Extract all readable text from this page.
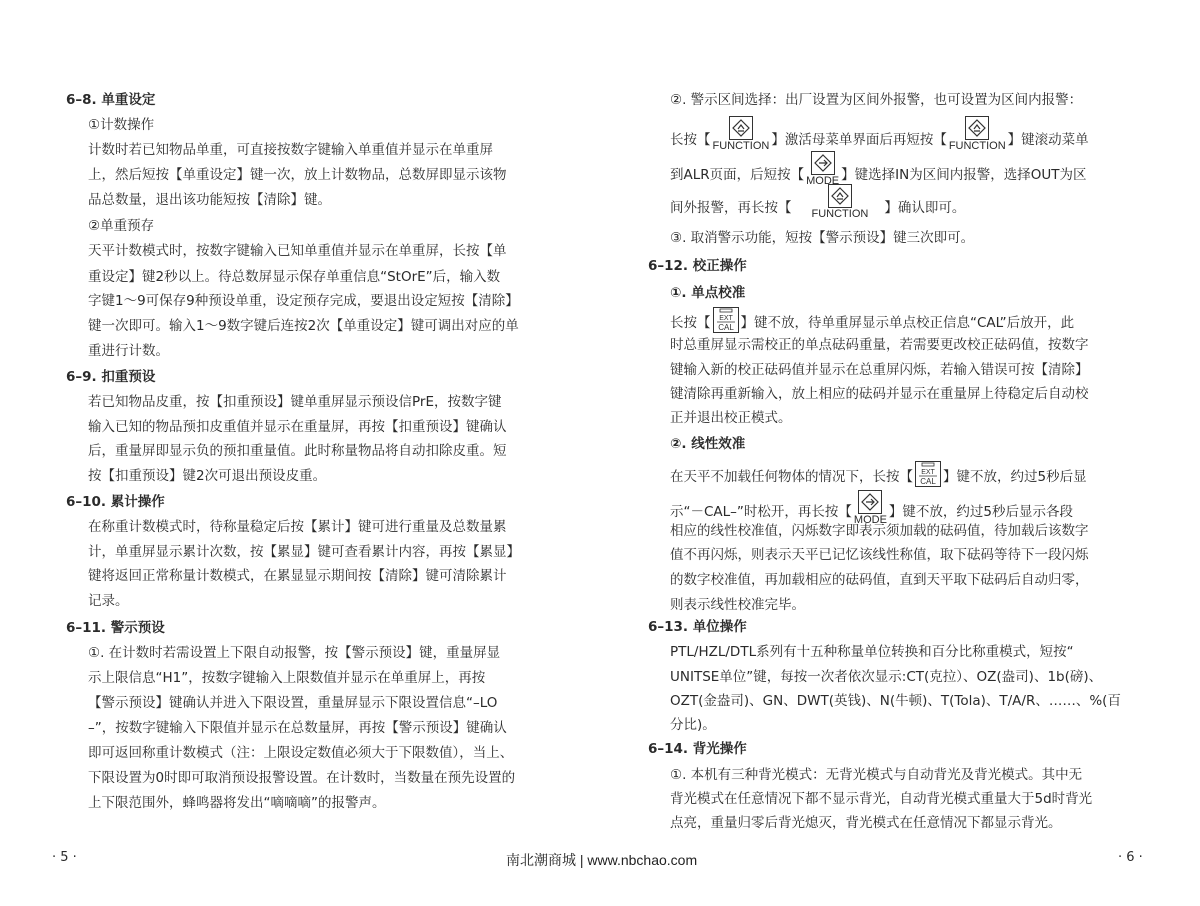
6–8. 单重设定
①计数操作
计数时若已知物品单重，可直接按数字键输入单重值并显示在单重屏
上，然后短按【单重设定】键一次，放上计数物品，总数屏即显示该物
品总数量，退出该功能短按【清除】键。
②单重预存
天平计数模式时，按数字键输入已知单重值并显示在单重屏，长按【单
重设定】键2秒以上。待总数屏显示保存单重信息“StOrE”后，输入数
字键1～9可保存9种预设单重，设定预存完成，要退出设定短按【清除】
键一次即可。输入1～9数字键后连按2次【单重设定】键可调出对应的单
重进行计数。
6–9. 扣重预设
若已知物品皮重，按【扣重预设】键单重屏显示预设信PrE，按数字键
输入已知的物品预扣皮重值并显示在重量屏，再按【扣重预设】键确认
后，重量屏即显示负的预扣重量值。此时称量物品将自动扣除皮重。短
按【扣重预设】键2次可退出预设皮重。
6–10. 累计操作
在称重计数模式时，待称量稳定后按【累计】键可进行重量及总数量累
计，单重屏显示累计次数，按【累显】键可查看累计内容，再按【累显】
键将返回正常称量计数模式，在累显显示期间按【清除】键可清除累计
记录。
6–11. 警示预设
①. 在计数时若需设置上下限自动报警，按【警示预设】键，重量屏显
示上限信息“H1”，按数字键输入上限数值并显示在单重屏上，再按
【警示预设】键确认并进入下限设置，重量屏显示下限设置信息“–LO
–”，按数字键输入下限值并显示在总数量屏，再按【警示预设】键确认
即可返回称重计数模式（注：上限设定数值必须大于下限数值），当上、
下限设置为0时即可取消预设报警设置。在计数时，当数量在预先设置的
上下限范围外，蜂鸣器将发出“嘀嘀嘀”的报警声。
②. 警示区间选择：出厂设置为区间外报警，也可设置为区间内报警：
长按【 FUNCTION 】激活母菜单界面后再短按【 FUNCTION 】键滚动菜单
到ALR页面，后短按【 MODE 】键选择IN为区间内报警，选择OUT为区
间外报警，再长按【 FUNCTION 】确认即可。
③. 取消警示功能，短按【警示预设】键三次即可。
6–12. 校正操作
①. 单点校准
长按【 EXT
CAL 】键不放，待单重屏显示单点校正信息“CAL”后放开，此
时总重屏显示需校正的单点砝码重量，若需要更改校正砝码值，按数字
键输入新的校正砝码值并显示在总重屏闪烁，若输入错误可按【清除】
键清除再重新输入，放上相应的砝码并显示在重量屏上待稳定后自动校
正并退出校正模式。
②. 线性效准
在天平不加载任何物体的情况下，长按【 EXT
CAL 】键不放，约过5秒后显
示“－CAL–”时松开，再长按【 MODE 】键不放，约过5秒后显示各段
相应的线性校准值，闪烁数字即表示须加载的砝码值，待加载后该数字
值不再闪烁，则表示天平已记忆该线性称值，取下砝码等待下一段闪烁
的数字校准值，再加载相应的砝码值，直到天平取下砝码后自动归零，
则表示线性校准完毕。
6–13. 单位操作
PTL/HZL/DTL系列有十五种称量单位转换和百分比称重模式，短按“
UNITSE单位”键，每按一次者依次显示:CT(克拉）、OZ(盎司)、1b(磅)、
OZT(金盎司)、GN、DWT(英钱)、N(牛顿)、T(Tola)、T/A/R、……、%(百
分比)。
6–14. 背光操作
①. 本机有三种背光模式：无背光模式与自动背光及背光模式。其中无
背光模式在任意情况下都不显示背光，自动背光模式重量大于5d时背光
点亮，重量归零后背光熄灭，背光模式在任意情况下都显示背光。
· 5 ·	南北潮商城 | www.nbchao.com	· 6 ·
